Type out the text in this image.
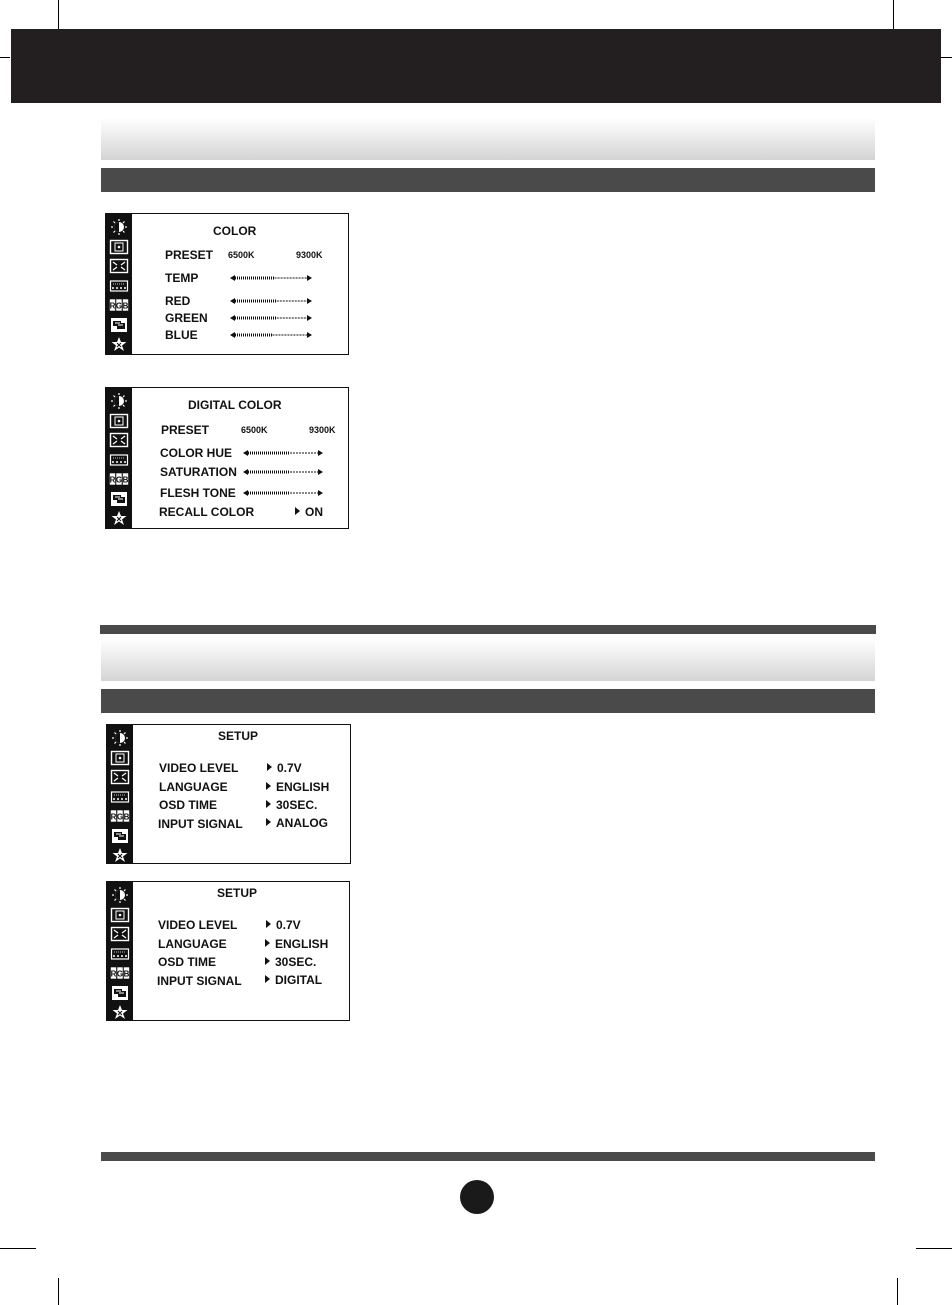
R G B
COLOR
PRESET 6500K	9300K
TEMP
RED
GREEN
BLUE
R G B
DIGITAL COLOR
PRESET	6500K	9300K
COLOR HUE
SATURATION
FLESH TONE
RECALL COLOR	ON
R G B
SETUP
VIDEO LEVEL	0.7V
LANGUAGE	ENGLISH
OSD TIME	30SEC.
INPUT SIGNAL	ANALOG
R G B
SETUP
VIDEO LEVEL	0.7V
LANGUAGE	ENGLISH
OSD TIME	30SEC.
INPUT SIGNAL	DIGITAL
